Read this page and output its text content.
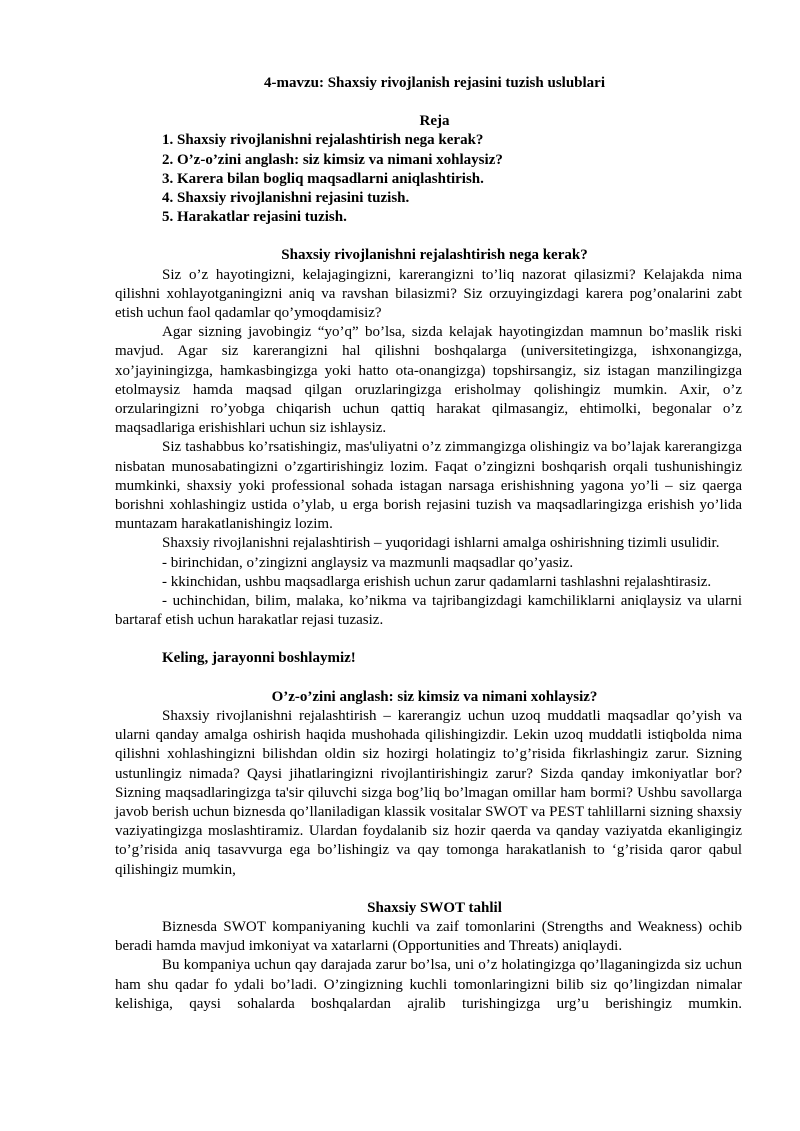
4-mavzu: Shaxsiy rivojlanish rejasini tuzish uslublari
Reja
1. Shaxsiy rivojlanishni rejalashtirish nega kerak?
2. O’z-o’zini anglash: siz kimsiz va nimani xohlaysiz?
3. Karera bilan bogliq maqsadlarni aniqlashtirish.
4. Shaxsiy rivojlanishni rejasini tuzish.
5. Harakatlar rejasini tuzish.
Shaxsiy rivojlanishni rejalashtirish nega kerak?

Siz o’z hayotingizni, kelajagingizni, karerangizni to’liq nazorat qilasizmi? Kelajakda nima qilishni xohlayotganingizni aniq va ravshan bilasizmi? Siz orzuyingizdagi karera pog’onalarini zabt etish uchun faol qadamlar qo’ymoqdamisiz?

Agar sizning javobingiz “yo’q” bo’lsa, sizda kelajak hayotingizdan mamnun bo’maslik riski mavjud. Agar siz karerangizni hal qilishni boshqalarga (universitetingizga, ishxonangizga, xo’jayiningizga, hamkasbingizga yoki hatto ota-onangizga) topshirsangiz, siz istagan manzilingizga etolmaysiz hamda maqsad qilgan oruzlaringizga erisholmay qolishingiz mumkin. Axir, o’z orzularingizni ro’yobga chiqarish uchun qattiq harakat qilmasangiz, ehtimolki, begonalar o’z maqsadlariga erishishlari uchun siz ishlaysiz.

Siz tashabbus ko’rsatishingiz, mas'uliyatni o’z zimmangizga olishingiz va bo’lajak karerangizga nisbatan munosabatingizni o’zgartirishingiz lozim. Faqat o’zingizni boshqarish orqali tushunishingiz mumkinki, shaxsiy yoki professional sohada istagan narsaga erishishning yagona yo’li – siz qaerga borishni xohlashingiz ustida o’ylab, u erga borish rejasini tuzish va maqsadlaringizga erishish yo’lida muntazam harakatlanishingiz lozim.

Shaxsiy rivojlanishni rejalashtirish – yuqoridagi ishlarni amalga oshirishning tizimli usulidir.

- birinchidan, o’zingizni anglaysiz va mazmunli maqsadlar qo’yasiz.

- kkinchidan, ushbu maqsadlarga erishish uchun zarur qadamlarni tashlashni rejalashtirasiz.

- uchinchidan, bilim, malaka, ko’nikma va tajribangizdagi kamchiliklarni aniqlaysiz va ularni bartaraf etish uchun harakatlar rejasi tuzasiz.

Keling, jarayonni boshlaymiz!

O’z-o’zini anglash: siz kimsiz va nimani xohlaysiz?

Shaxsiy rivojlanishni rejalashtirish – karerangiz uchun uzoq muddatli maqsadlar qo’yish va ularni qanday amalga oshirish haqida mushohada qilishingizdir. Lekin uzoq muddatli istiqbolda nima qilishni xohlashingizni bilishdan oldin siz hozirgi holatingiz to’g’risida fikrlashingiz zarur. Sizning ustunlingiz nimada? Qaysi jihatlaringizni rivojlantirishingiz zarur? Sizda qanday imkoniyatlar bor? Sizning maqsadlaringizga ta'sir qiluvchi sizga bog’liq bo’lmagan omillar ham bormi? Ushbu savollarga javob berish uchun biznesda qo’llaniladigan klassik vositalar SWOT va PEST tahlillarni sizning shaxsiy vaziyatingizga moslashtiramiz. Ulardan foydalanib siz hozir qaerda va qanday vaziyatda ekanligingiz to’g’risida aniq tasavvurga ega bo’lishingiz va qay tomonga harakatlanish to ‘g’risida qaror qabul qilishingiz mumkin,

Shaxsiy SWOT tahlil

Biznesda SWOT kompaniyaning kuchli va zaif tomonlarini (Strengths and Weakness) ochib beradi hamda mavjud imkoniyat va xatarlarni (Opportunities and Threats) aniqlaydi.

Bu kompaniya uchun qay darajada zarur bo’lsa, uni o’z holatingizga qo’llaganingizda siz uchun ham shu qadar fo ydali bo’ladi. O’zingizning kuchli tomonlaringizni bilib siz qo’lingizdan nimalar kelishiga, qaysi sohalarda boshqalardan ajralib turishingizga urg’u berishingiz mumkin.
